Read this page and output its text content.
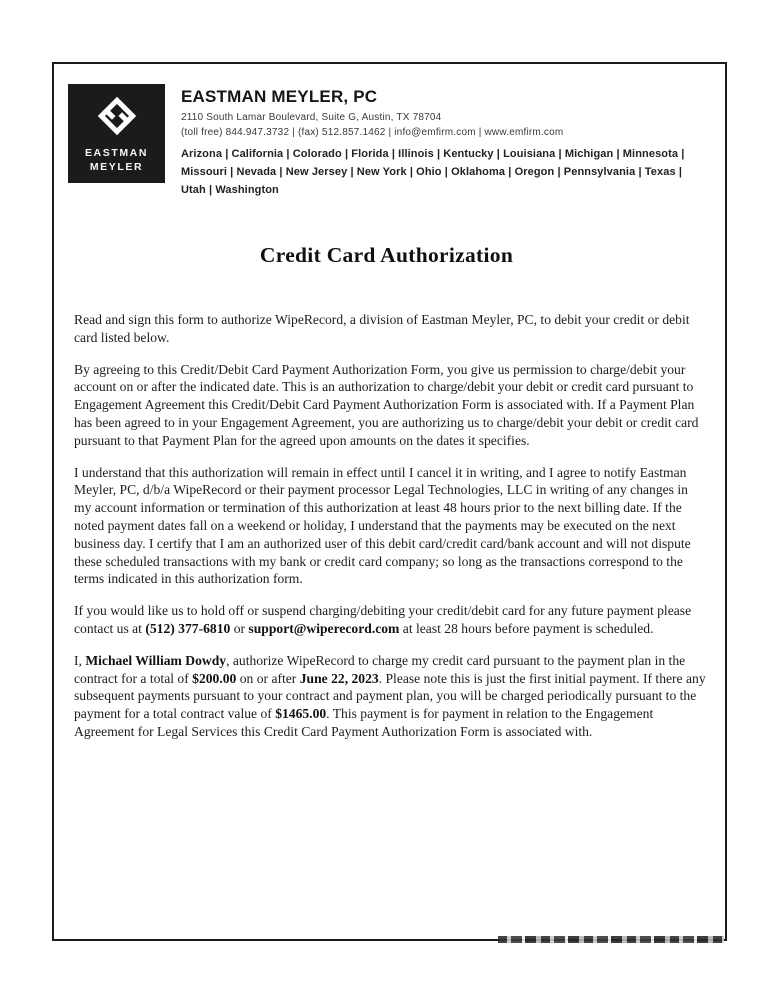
EASTMAN
MEYLER
EASTMAN MEYLER, PC
2110 South Lamar Boulevard, Suite G, Austin, TX 78704
(toll free) 844.947.3732 | (fax) 512.857.1462 | info@emfirm.com | www.emfirm.com
Arizona | California | Colorado | Florida | Illinois | Kentucky | Louisiana | Michigan | Minnesota | Missouri | Nevada | New Jersey | New York | Ohio | Oklahoma | Oregon | Pennsylvania | Texas | Utah | Washington
Credit Card Authorization

Read and sign this form to authorize WipeRecord, a division of Eastman Meyler, PC, to debit your credit or debit card listed below.

By agreeing to this Credit/Debit Card Payment Authorization Form, you give us permission to charge/debit your account on or after the indicated date. This is an authorization to charge/debit your debit or credit card pursuant to Engagement Agreement this Credit/Debit Card Payment Authorization Form is associated with. If a Payment Plan has been agreed to in your Engagement Agreement, you are authorizing us to charge/debit your debit or credit card pursuant to that Payment Plan for the agreed upon amounts on the dates it specifies.

I understand that this authorization will remain in effect until I cancel it in writing, and I agree to notify Eastman Meyler, PC, d/b/a WipeRecord or their payment processor Legal Technologies, LLC in writing of any changes in my account information or termination of this authorization at least 48 hours prior to the next billing date. If the noted payment dates fall on a weekend or holiday, I understand that the payments may be executed on the next business day. I certify that I am an authorized user of this debit card/credit card/bank account and will not dispute these scheduled transactions with my bank or credit card company; so long as the transactions correspond to the terms indicated in this authorization form.

If you would like us to hold off or suspend charging/debiting your credit/debit card for any future payment please contact us at (512) 377-6810 or support@wiperecord.com at least 28 hours before payment is scheduled.

I, Michael William Dowdy, authorize WipeRecord to charge my credit card pursuant to the payment plan in the contract for a total of $200.00 on or after June 22, 2023. Please note this is just the first initial payment. If there any subsequent payments pursuant to your contract and payment plan, you will be charged periodically pursuant to the payment for a total contract value of $1465.00. This payment is for payment in relation to the Engagement Agreement for Legal Services this Credit Card Payment Authorization Form is associated with.
